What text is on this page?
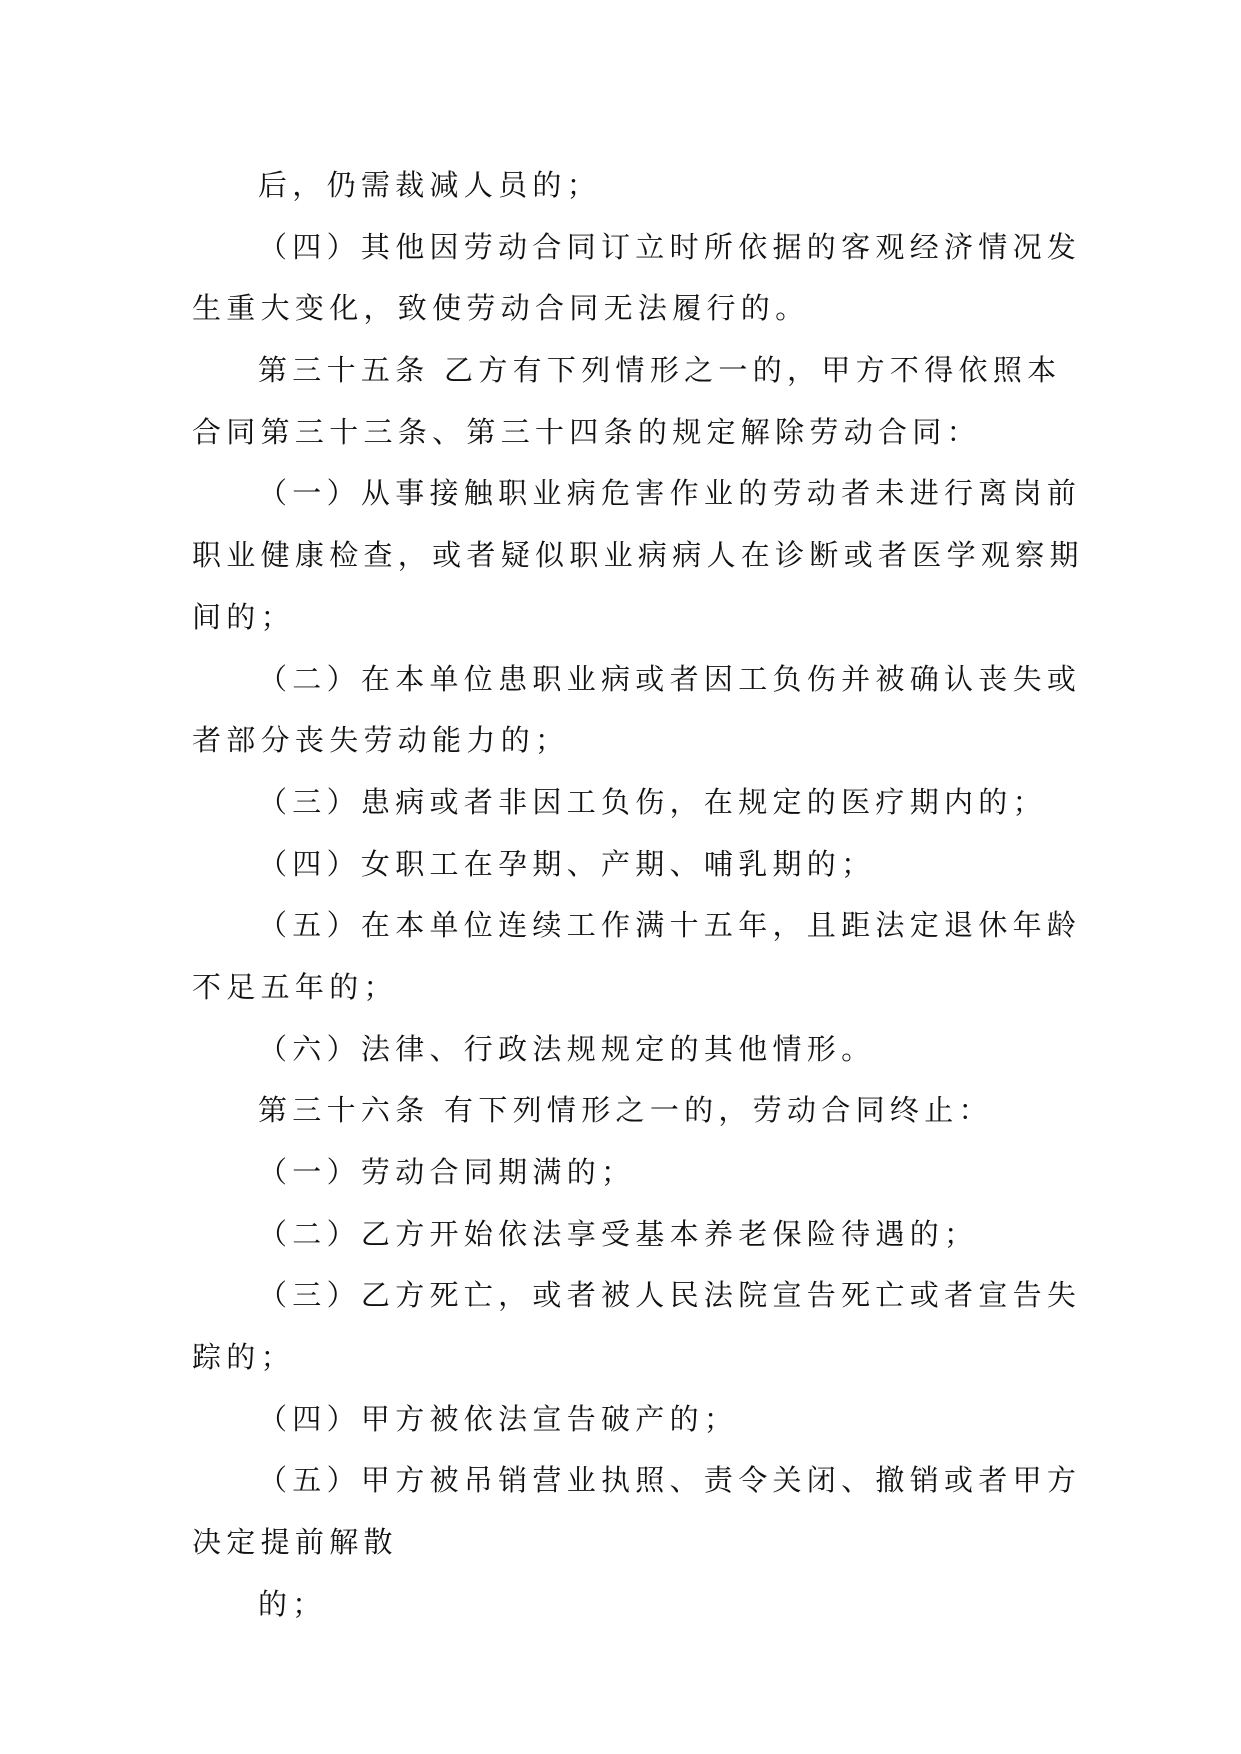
后，仍需裁减人员的；
（四）其他因劳动合同订立时所依据的客观经济情况发
生重大变化，致使劳动合同无法履行的。
第三十五条 乙方有下列情形之一的，甲方不得依照本
合同第三十三条、第三十四条的规定解除劳动合同：
（一）从事接触职业病危害作业的劳动者未进行离岗前
职业健康检查，或者疑似职业病病人在诊断或者医学观察期
间的；
（二）在本单位患职业病或者因工负伤并被确认丧失或
者部分丧失劳动能力的；
（三）患病或者非因工负伤，在规定的医疗期内的；
（四）女职工在孕期、产期、哺乳期的；
（五）在本单位连续工作满十五年，且距法定退休年龄
不足五年的；
（六）法律、行政法规规定的其他情形。
第三十六条 有下列情形之一的，劳动合同终止：
（一）劳动合同期满的；
（二）乙方开始依法享受基本养老保险待遇的；
（三）乙方死亡，或者被人民法院宣告死亡或者宣告失
踪的；
（四）甲方被依法宣告破产的；
（五）甲方被吊销营业执照、责令关闭、撤销或者甲方
决定提前解散
的；
